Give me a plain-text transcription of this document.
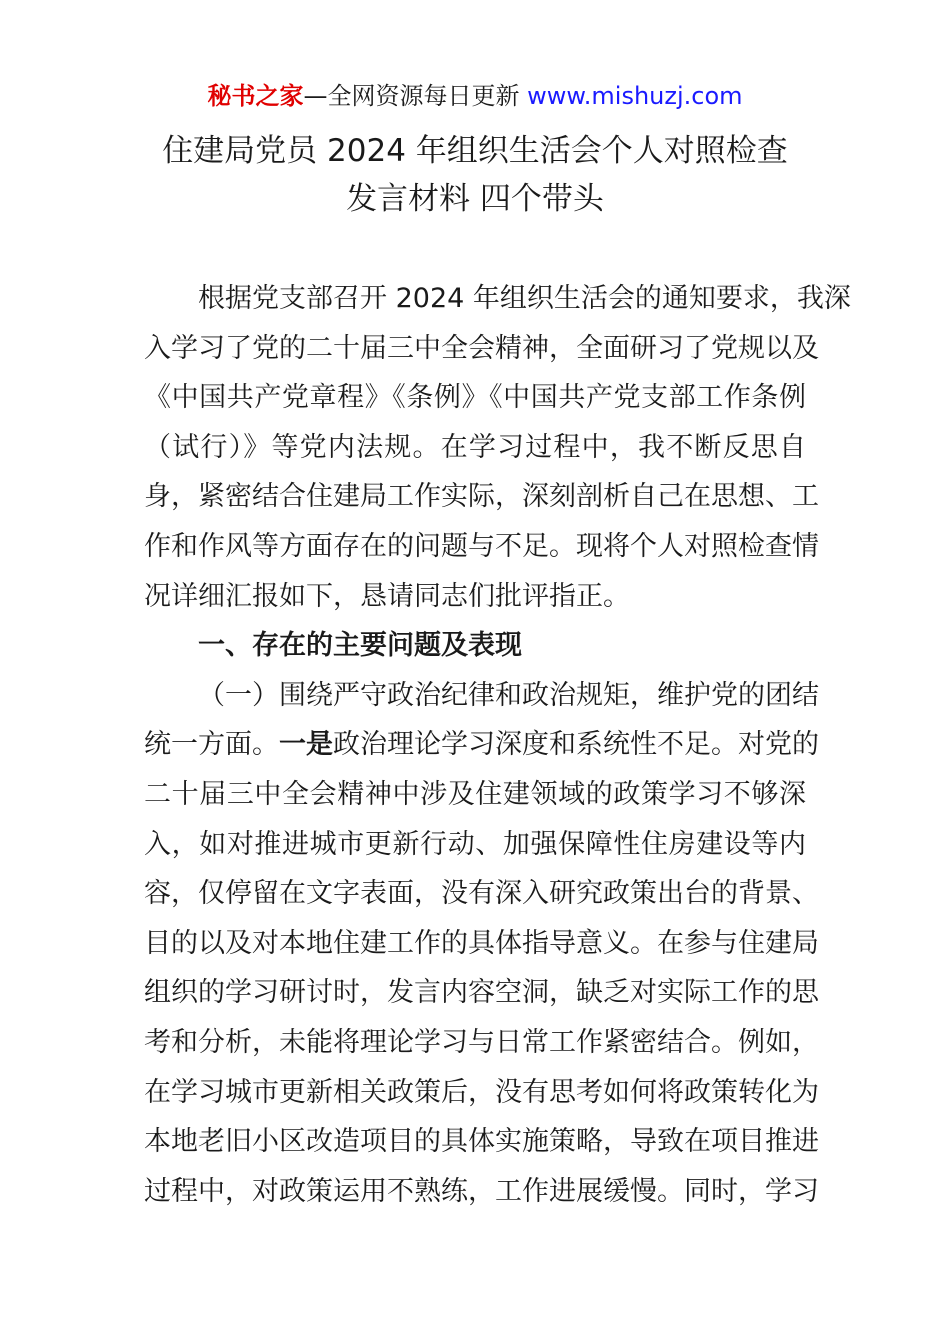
秘书之家—全网资源每日更新 www.mishuzj.com
住建局党员 2024 年组织生活会个人对照检查
发言材料 四个带头
根据党支部召开 2024 年组织生活会的通知要求，我深
入学习了党的二十届三中全会精神，全面研习了党规以及
《中国共产党章程》《条例》《中国共产党支部工作条例
（试行）》等党内法规。在学习过程中，我不断反思自
身，紧密结合住建局工作实际，深刻剖析自己在思想、工
作和作风等方面存在的问题与不足。现将个人对照检查情
况详细汇报如下，恳请同志们批评指正。
一、存在的主要问题及表现
（一）围绕严守政治纪律和政治规矩，维护党的团结
统一方面。一是政治理论学习深度和系统性不足。对党的
二十届三中全会精神中涉及住建领域的政策学习不够深
入，如对推进城市更新行动、加强保障性住房建设等内
容，仅停留在文字表面，没有深入研究政策出台的背景、
目的以及对本地住建工作的具体指导意义。在参与住建局
组织的学习研讨时，发言内容空洞，缺乏对实际工作的思
考和分析，未能将理论学习与日常工作紧密结合。例如，
在学习城市更新相关政策后，没有思考如何将政策转化为
本地老旧小区改造项目的具体实施策略，导致在项目推进
过程中，对政策运用不熟练，工作进展缓慢。同时，学习
